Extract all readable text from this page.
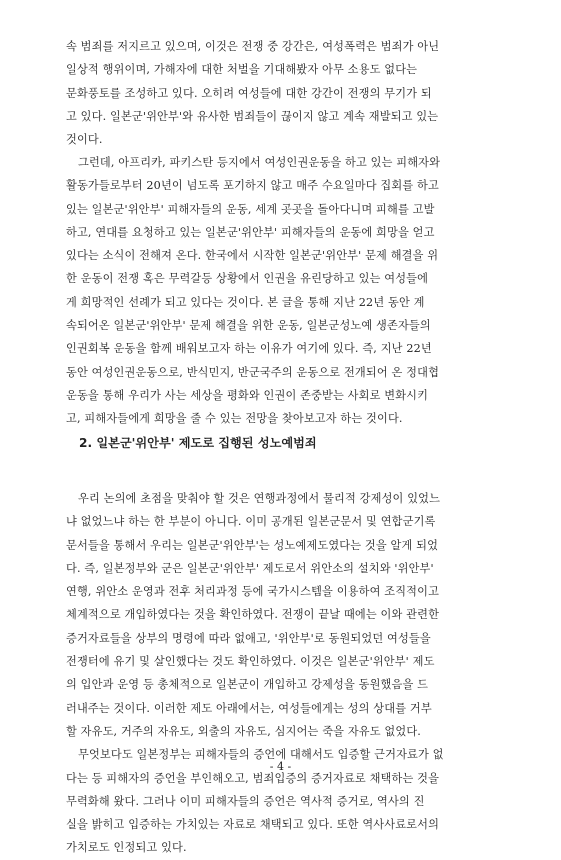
속 범죄를 저지르고 있으며, 이것은 전쟁 중 강간은, 여성폭력은 범죄가 아닌
일상적 행위이며, 가해자에 대한 처벌을 기대해봤자 아무 소용도 없다는
문화풍토를 조성하고 있다. 오히려 여성들에 대한 강간이 전쟁의 무기가 되
고 있다. 일본군'위안부'와 유사한 범죄들이 끊이지 않고 계속 재발되고 있는
것이다.
그런데, 아프리카, 파키스탄 등지에서 여성인권운동을 하고 있는 피해자와
활동가들로부터 20년이 넘도록 포기하지 않고 매주 수요일마다 집회를 하고
있는 일본군'위안부' 피해자들의 운동, 세계 곳곳을 돌아다니며 피해를 고발
하고, 연대를 요청하고 있는 일본군'위안부' 피해자들의 운동에 희망을 얻고
있다는 소식이 전해져 온다. 한국에서 시작한 일본군'위안부' 문제 해결을 위
한 운동이 전쟁 혹은 무력갈등 상황에서 인권을 유린당하고 있는 여성들에
게 희망적인 선례가 되고 있다는 것이다. 본 글을 통해 지난 22년 동안 계
속되어온 일본군'위안부' 문제 해결을 위한 운동, 일본군성노예 생존자들의
인권회복 운동을 함께 배워보고자 하는 이유가 여기에 있다. 즉, 지난 22년
동안 여성인권운동으로, 반식민지, 반군국주의 운동으로 전개되어 온 정대협
운동을 통해 우리가 사는 세상을 평화와 인권이 존중받는 사회로 변화시키
고, 피해자들에게 희망을 줄 수 있는 전망을 찾아보고자 하는 것이다.
2. 일본군'위안부' 제도로 집행된 성노예범죄
우리 논의에 초점을 맞춰야 할 것은 연행과정에서 물리적 강제성이 있었느
냐 없었느냐 하는 한 부분이 아니다. 이미 공개된 일본군문서 및 연합군기록
문서들을 통해서 우리는 일본군'위안부'는 성노예제도였다는 것을 알게 되었
다. 즉, 일본정부와 군은 일본군'위안부' 제도로서 위안소의 설치와 '위안부'
연행, 위안소 운영과 전후 처리과정 등에 국가시스템을 이용하여 조직적이고
체계적으로 개입하였다는 것을 확인하였다. 전쟁이 끝날 때에는 이와 관련한
증거자료들을 상부의 명령에 따라 없애고, '위안부'로 동원되었던 여성들을
전쟁터에 유기 및 살인했다는 것도 확인하였다. 이것은 일본군'위안부' 제도
의 입안과 운영 등 총체적으로 일본군이 개입하고 강제성을 동원했음을 드
러내주는 것이다. 이러한 제도 아래에서는, 여성들에게는 성의 상대를 거부
할 자유도, 거주의 자유도, 외출의 자유도, 심지어는 죽을 자유도 없었다.
무엇보다도 일본정부는 피해자들의 증언에 대해서도 입증할 근거자료가 없
다는 등 피해자의 증언을 부인해오고, 범죄입증의 증거자료로 채택하는 것을
무력화해 왔다. 그러나 이미 피해자들의 증언은 역사적 증거로, 역사의 진
실을 밝히고 입증하는 가치있는 자료로 채택되고 있다. 또한 역사사료로서의
가치로도 인정되고 있다.
- 4 -
